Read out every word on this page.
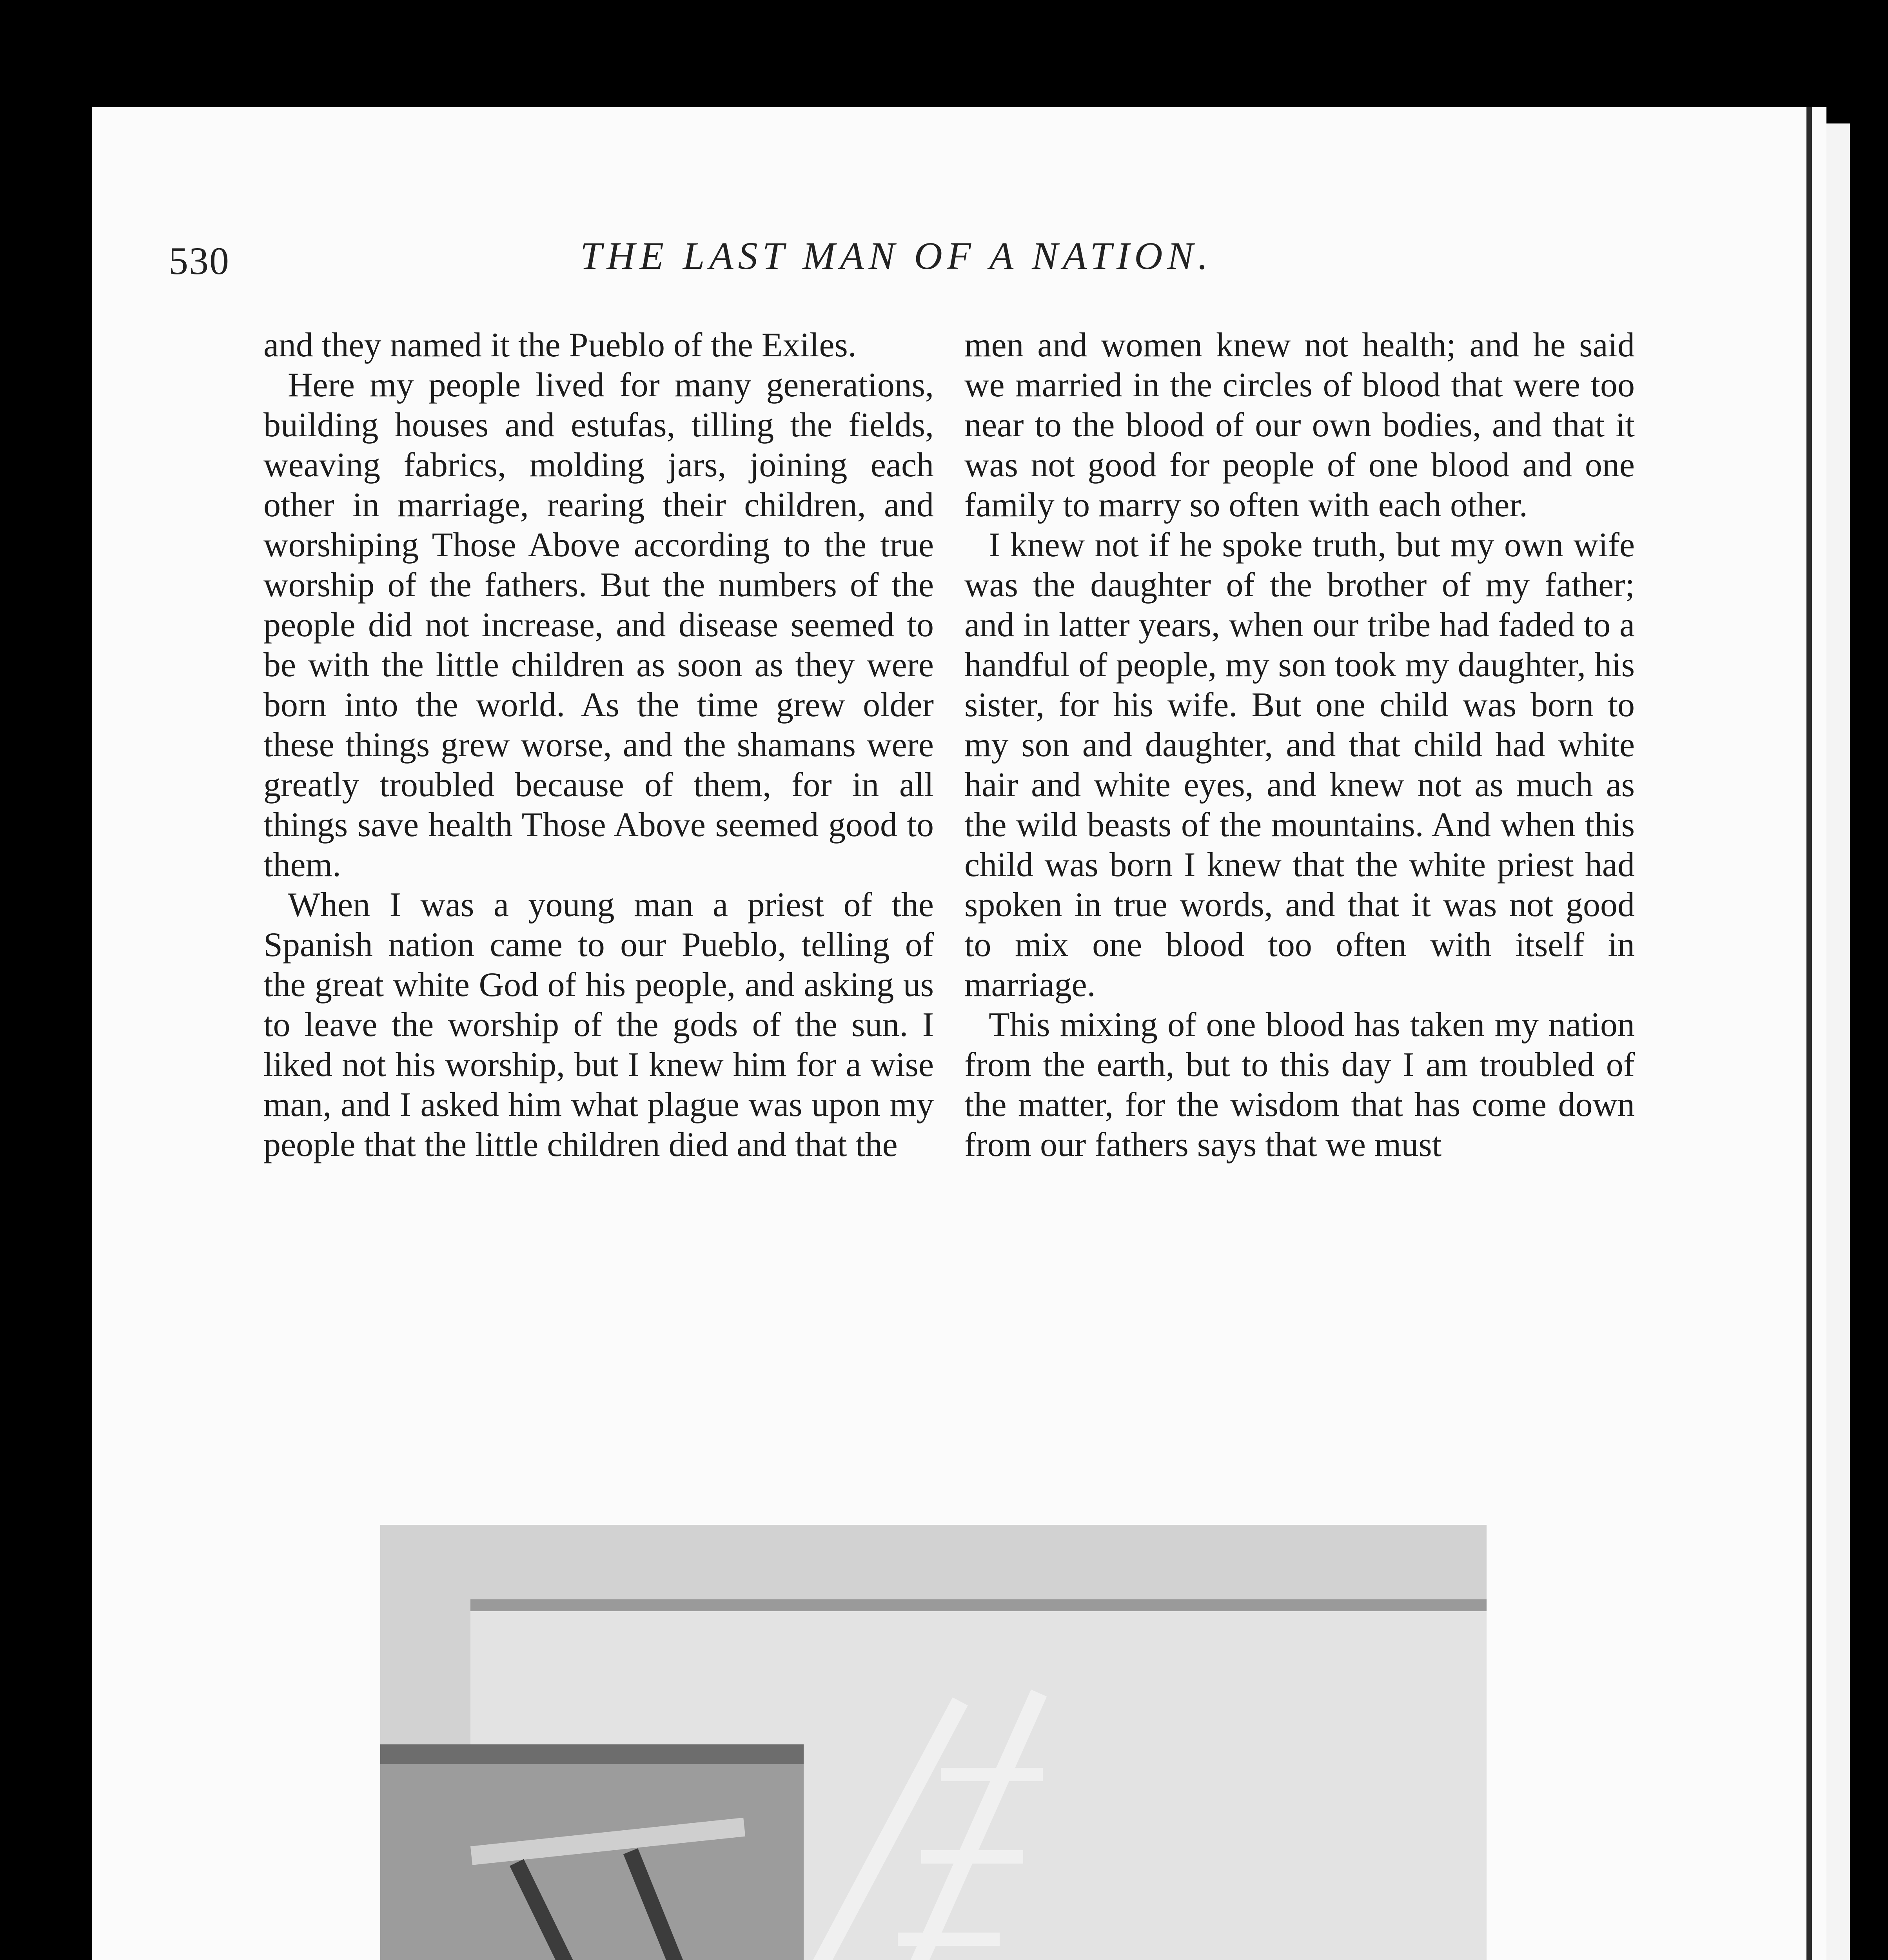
530	THE LAST MAN OF A NATION.

and they named it the Pueblo of the Exiles.

Here my people lived for many generations, building houses and estufas, tilling the fields, weaving fabrics, molding jars, joining each other in marriage, rearing their children, and worshiping Those Above according to the true worship of the fathers. But the numbers of the people did not increase, and disease seemed to be with the little children as soon as they were born into the world. As the time grew older these things grew worse, and the shamans were greatly troubled because of them, for in all things save health Those Above seemed good to them.

When I was a young man a priest of the Spanish nation came to our Pueblo, telling of the great white God of his people, and asking us to leave the worship of the gods of the sun. I liked not his worship, but I knew him for a wise man, and I asked him what plague was upon my people that the little children died and that the

men and women knew not health; and he said we married in the circles of blood that were too near to the blood of our own bodies, and that it was not good for people of one blood and one family to marry so often with each other.

I knew not if he spoke truth, but my own wife was the daughter of the brother of my father; and in latter years, when our tribe had faded to a handful of people, my son took my daughter, his sister, for his wife. But one child was born to my son and daughter, and that child had white hair and white eyes, and knew not as much as the wild beasts of the mountains. And when this child was born I knew that the white priest had spoken in true words, and that it was not good to mix one blood too often with itself in marriage.

This mixing of one blood has taken my nation from the earth, but to this day I am troubled of the matter, for the wisdom that has come down from our fathers says that we must
